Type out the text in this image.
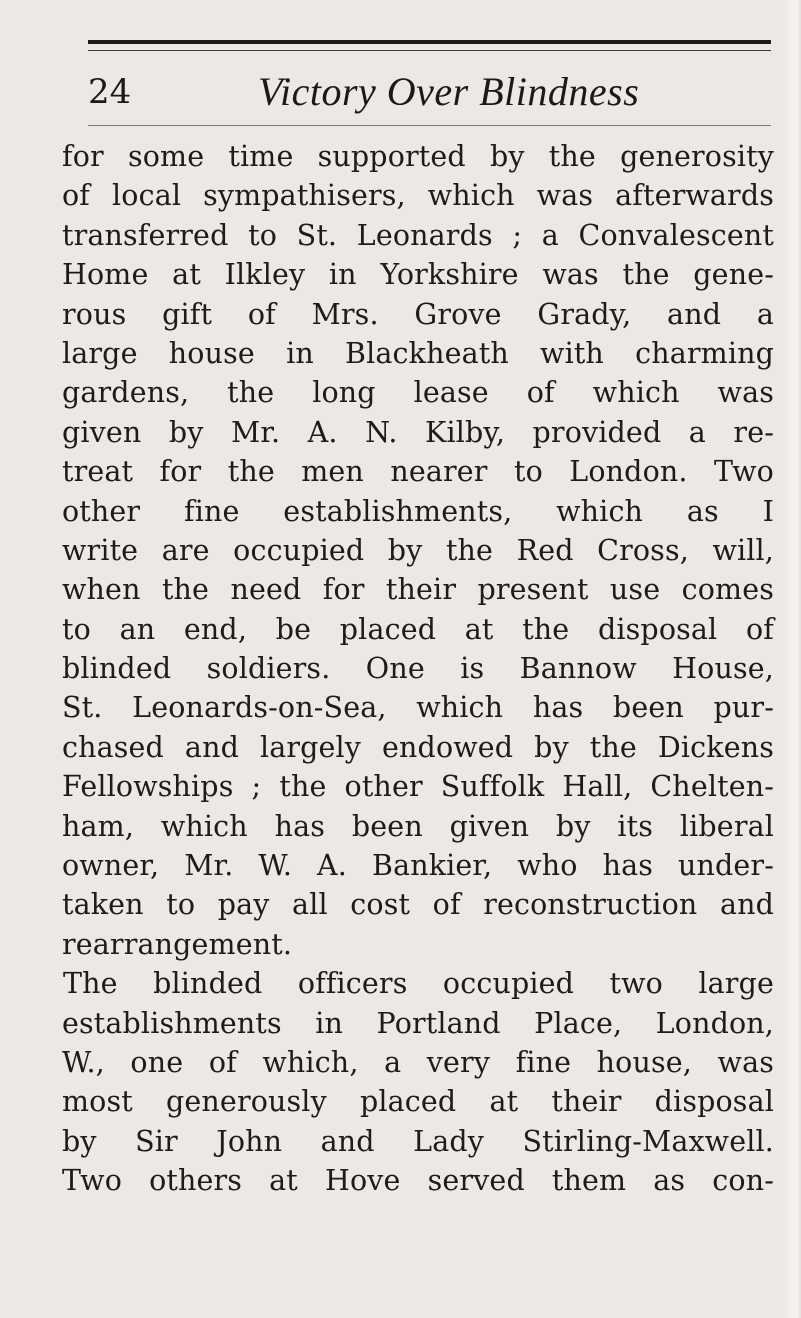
24	Victory Over Blindness
for some time supported by the generosity
of local sympathisers, which was afterwards
transferred to St. Leonards ; a Convalescent
Home at Ilkley in Yorkshire was the gene-
rous gift of Mrs. Grove Grady, and a
large house in Blackheath with charming
gardens, the long lease of which was
given by Mr. A. N. Kilby, provided a re-
treat for the men nearer to London. Two
other fine establishments, which as I
write are occupied by the Red Cross, will,
when the need for their present use comes
to an end, be placed at the disposal of
blinded soldiers. One is Bannow House,
St. Leonards-on-Sea, which has been pur-
chased and largely endowed by the Dickens
Fellowships ; the other Suffolk Hall, Chelten-
ham, which has been given by its liberal
owner, Mr. W. A. Bankier, who has under-
taken to pay all cost of reconstruction and
rearrangement.
The blinded officers occupied two large
establishments in Portland Place, London,
W., one of which, a very fine house, was
most generously placed at their disposal
by Sir John and Lady Stirling-Maxwell.
Two others at Hove served them as con-
